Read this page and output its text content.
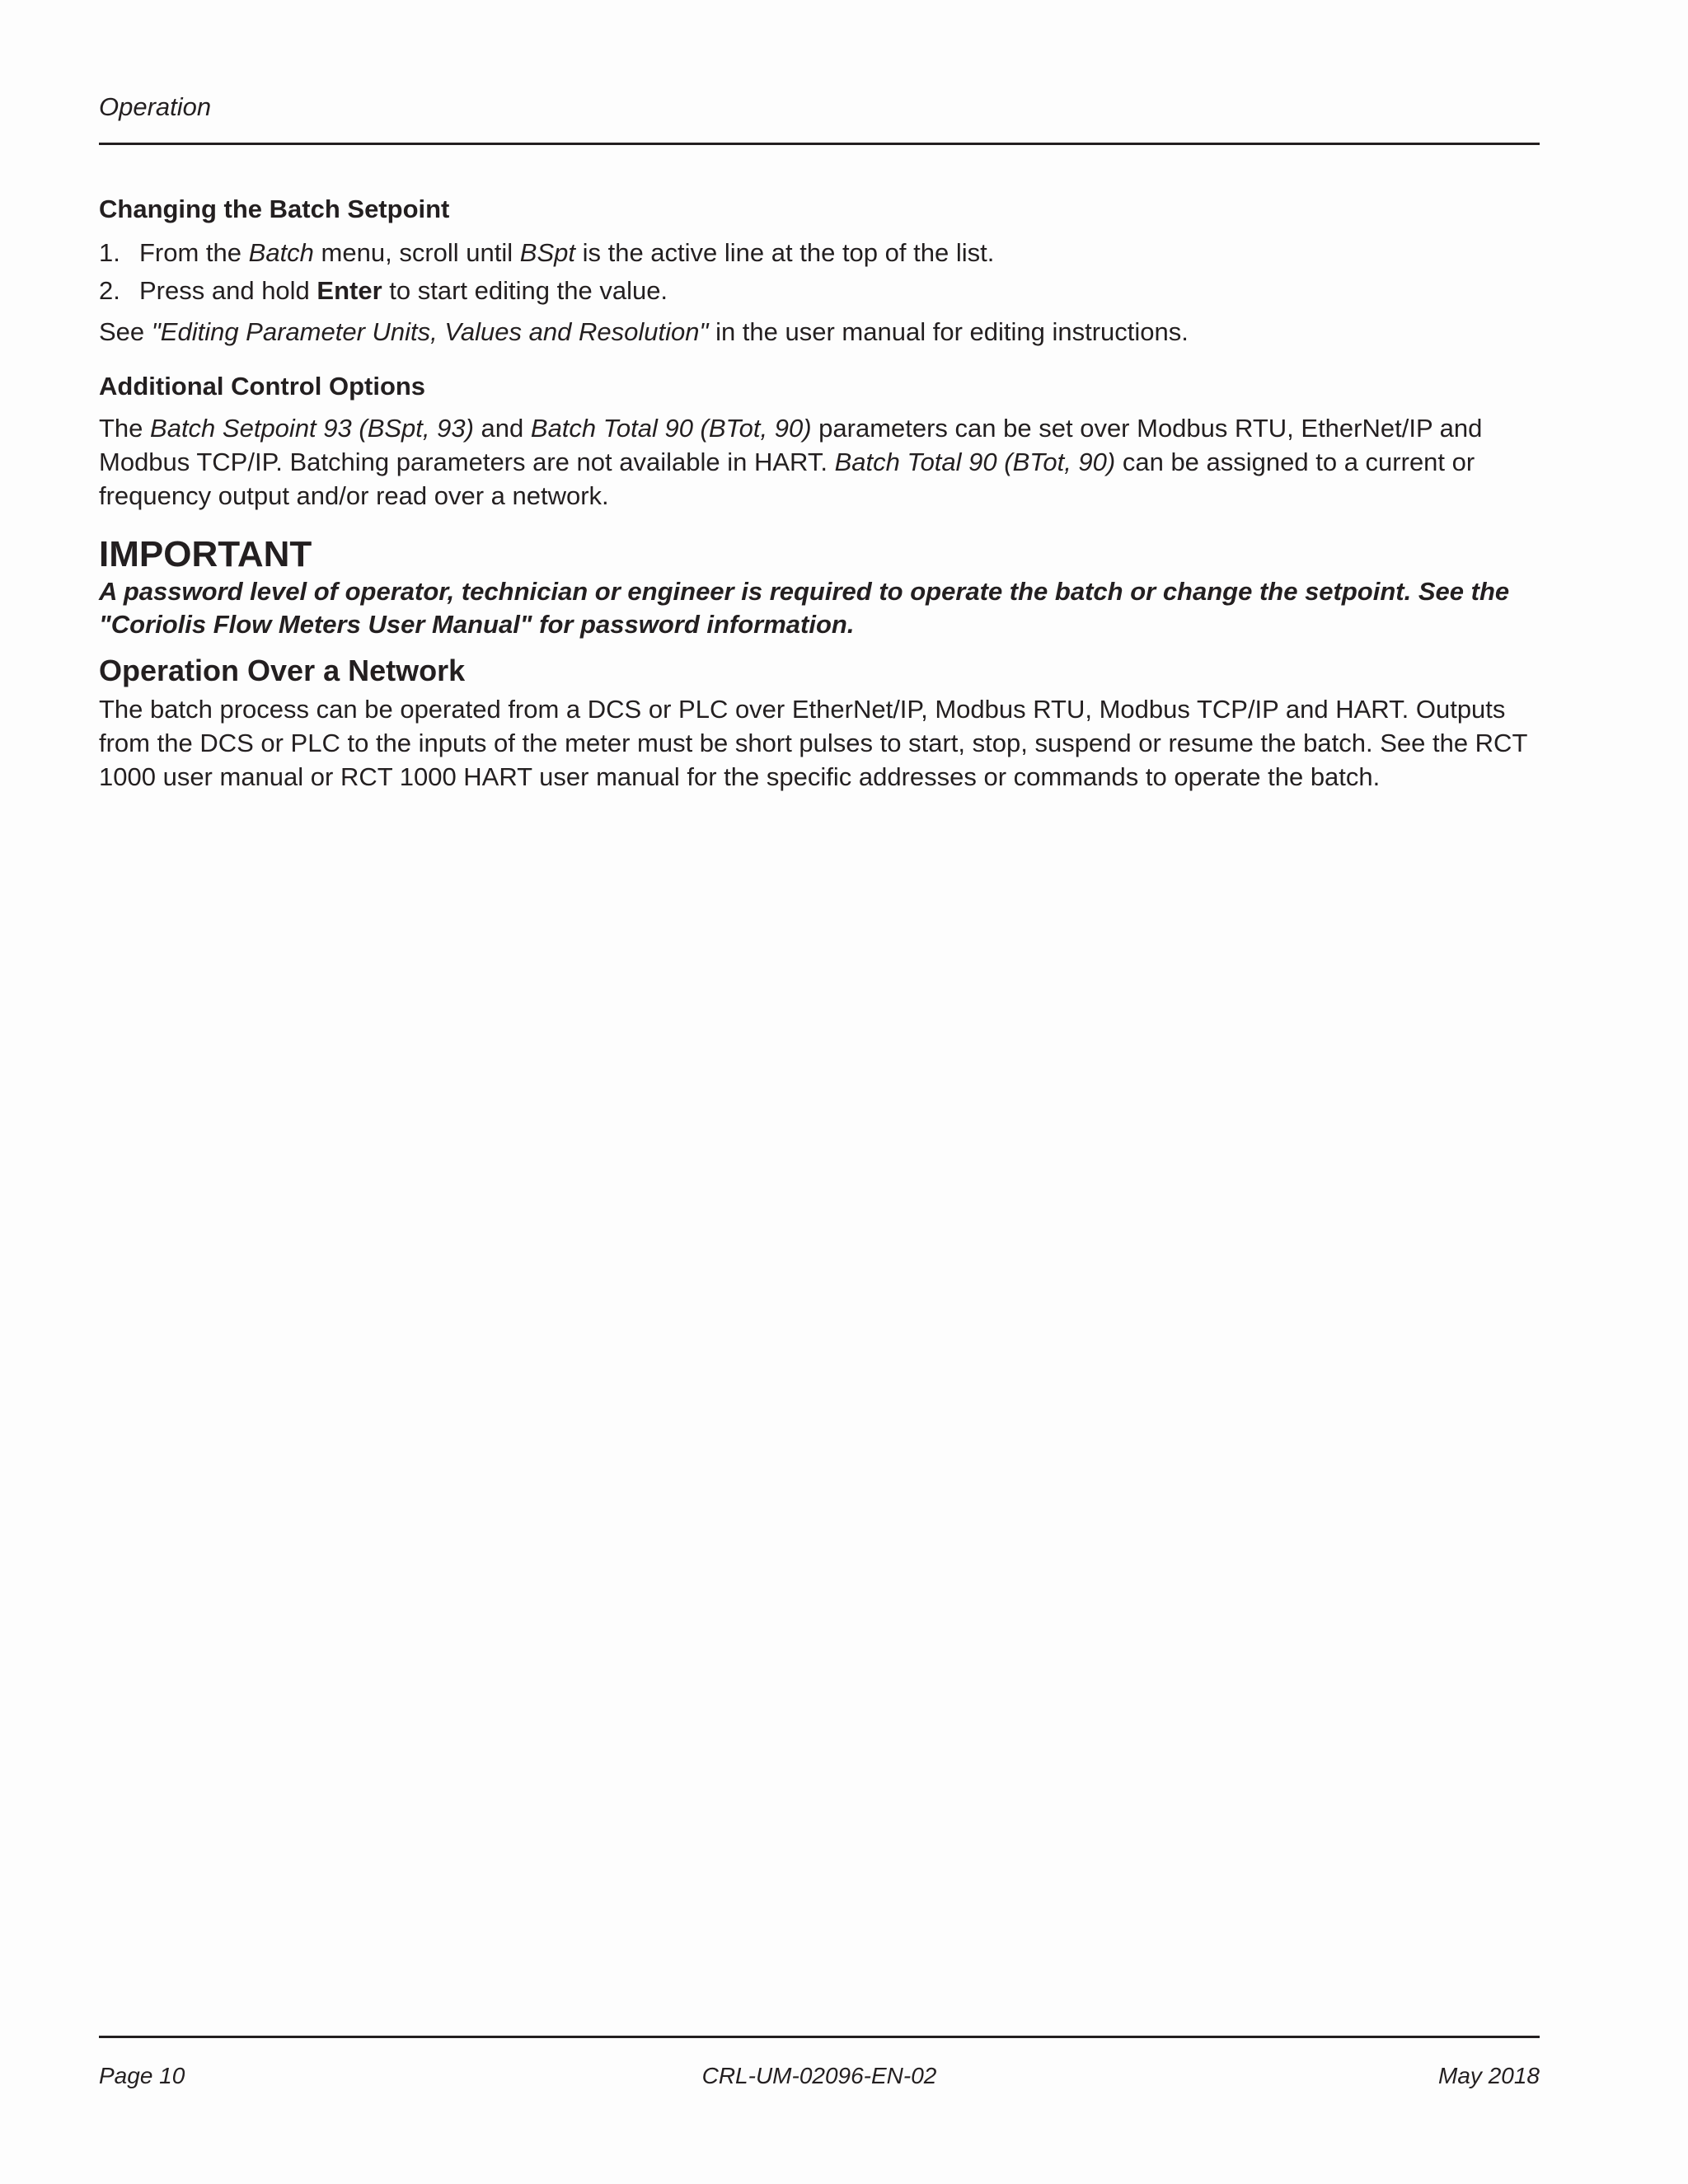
Operation
Changing the Batch Setpoint
1. From the Batch menu, scroll until BSpt is the active line at the top of the list.
2. Press and hold Enter to start editing the value.

See "Editing Parameter Units, Values and Resolution" in the user manual for editing instructions.

Additional Control Options

The Batch Setpoint 93 (BSpt, 93) and Batch Total 90 (BTot, 90) parameters can be set over Modbus RTU, EtherNet/IP and Modbus TCP/IP. Batching parameters are not available in HART. Batch Total 90 (BTot, 90) can be assigned to a current or frequency output and/or read over a network.

IMPORTANT

A password level of operator, technician or engineer is required to operate the batch or change the setpoint. See the "Coriolis Flow Meters User Manual" for password information.

Operation Over a Network

The batch process can be operated from a DCS or PLC over EtherNet/IP, Modbus RTU, Modbus TCP/IP and HART. Outputs from the DCS or PLC to the inputs of the meter must be short pulses to start, stop, suspend or resume the batch. See the RCT 1000 user manual or RCT 1000 HART user manual for the specific addresses or commands to operate the batch.

Page 10	CRL-UM-02096-EN-02	May 2018
